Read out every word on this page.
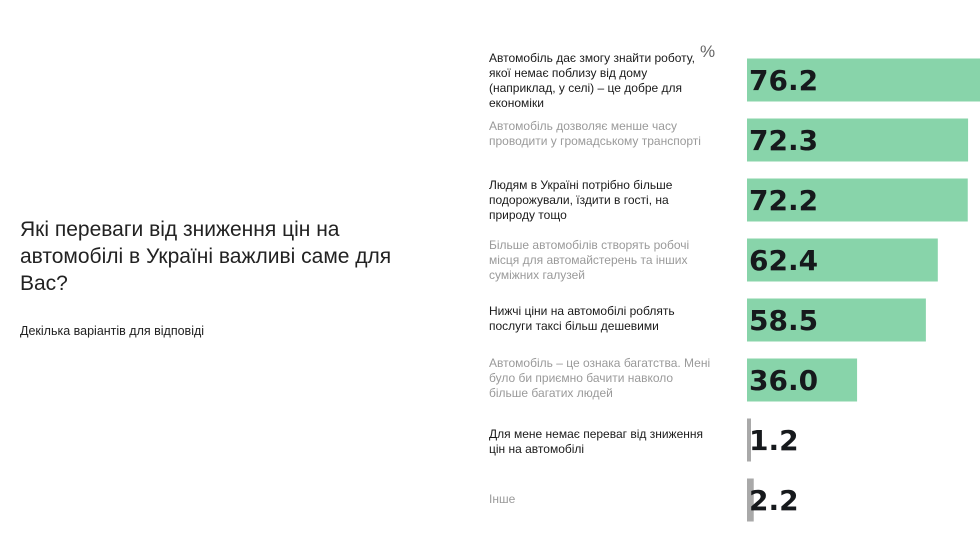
Які переваги від зниження цін на автомобілі в Україні важливі саме для Вас?
Декілька варіантів для відповіді
%
Автомобіль дає змогу знайти роботу, якої немає поблизу від дому (наприклад, у селі) – це добре для економіки
Автомобіль дозволяє менше часу проводити у громадському транспорті
Людям в Україні потрібно більше подорожували, їздити в гості, на природу тощо
Більше автомобілів створять робочі місця для автомайстерень та інших суміжних галузей
Нижчі ціни на автомобілі роблять послуги таксі більш дешевими
Автомобіль – це ознака багатства. Мені було би приємно бачити навколо більше багатих людей
Для мене немає переваг від зниження цін на автомобілі
Інше
76.2
72.3
72.2
62.4
58.5
36.0
1.2
2.2
